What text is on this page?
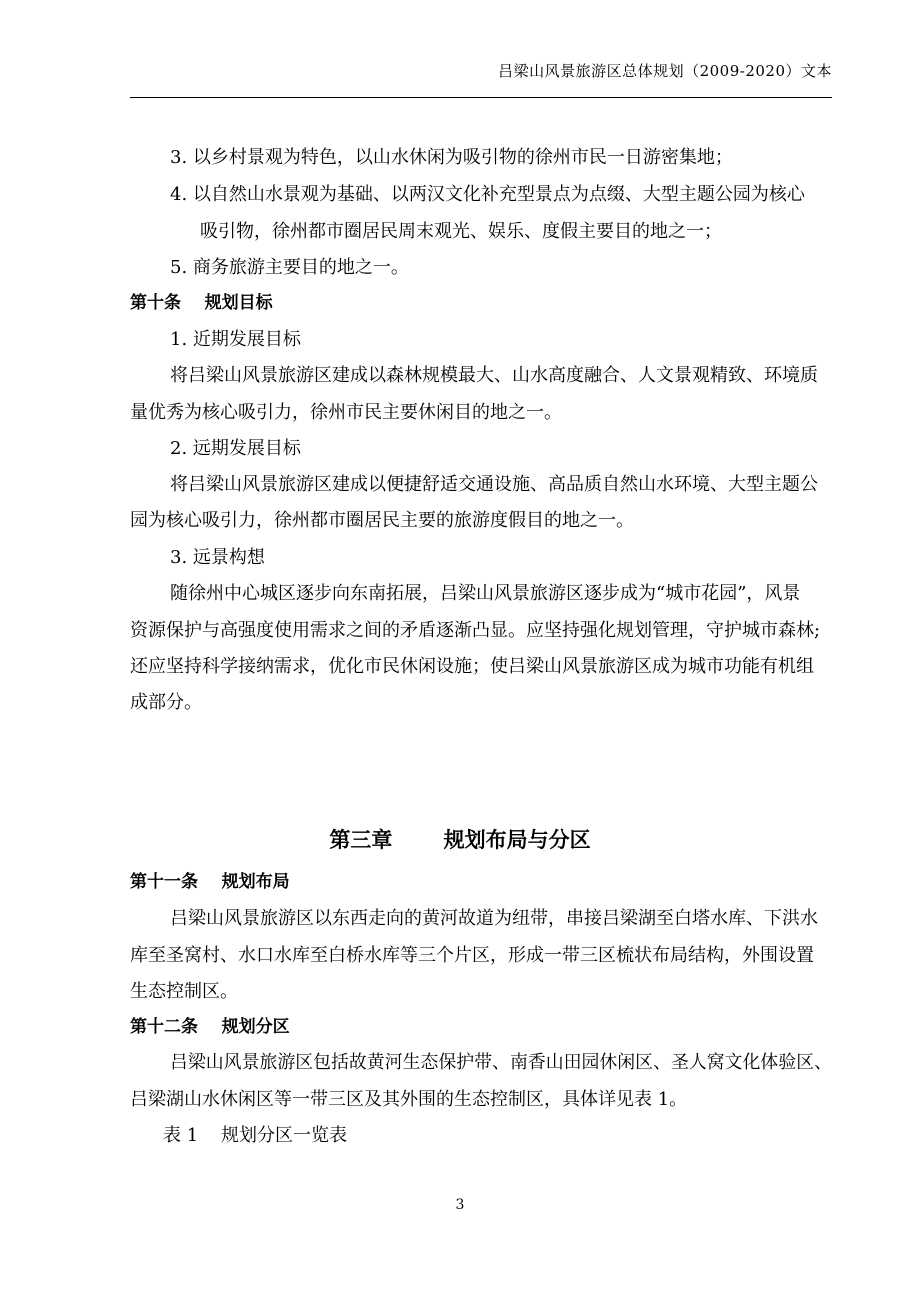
吕梁山风景旅游区总体规划（2009-2020）文本
3. 以乡村景观为特色，以山水休闲为吸引物的徐州市民一日游密集地；
4. 以自然山水景观为基础、以两汉文化补充型景点为点缀、大型主题公园为核心
吸引物，徐州都市圈居民周末观光、娱乐、度假主要目的地之一；
5. 商务旅游主要目的地之一。
第十条    规划目标
1. 近期发展目标
将吕梁山风景旅游区建成以森林规模最大、山水高度融合、人文景观精致、环境质
量优秀为核心吸引力，徐州市民主要休闲目的地之一。
2. 远期发展目标
将吕梁山风景旅游区建成以便捷舒适交通设施、高品质自然山水环境、大型主题公
园为核心吸引力，徐州都市圈居民主要的旅游度假目的地之一。
3. 远景构想
随徐州中心城区逐步向东南拓展，吕梁山风景旅游区逐步成为“城市花园”，风景
资源保护与高强度使用需求之间的矛盾逐渐凸显。应坚持强化规划管理，守护城市森林;
还应坚持科学接纳需求，优化市民休闲设施；使吕梁山风景旅游区成为城市功能有机组
成部分。
第三章       规划布局与分区
第十一条    规划布局
吕梁山风景旅游区以东西走向的黄河故道为纽带，串接吕梁湖至白塔水库、下洪水
库至圣窝村、水口水库至白桥水库等三个片区，形成一带三区梳状布局结构，外围设置
生态控制区。
第十二条    规划分区
吕梁山风景旅游区包括故黄河生态保护带、南香山田园休闲区、圣人窝文化体验区、
吕梁湖山水休闲区等一带三区及其外围的生态控制区，具体详见表 1。
表 1    规划分区一览表
3
